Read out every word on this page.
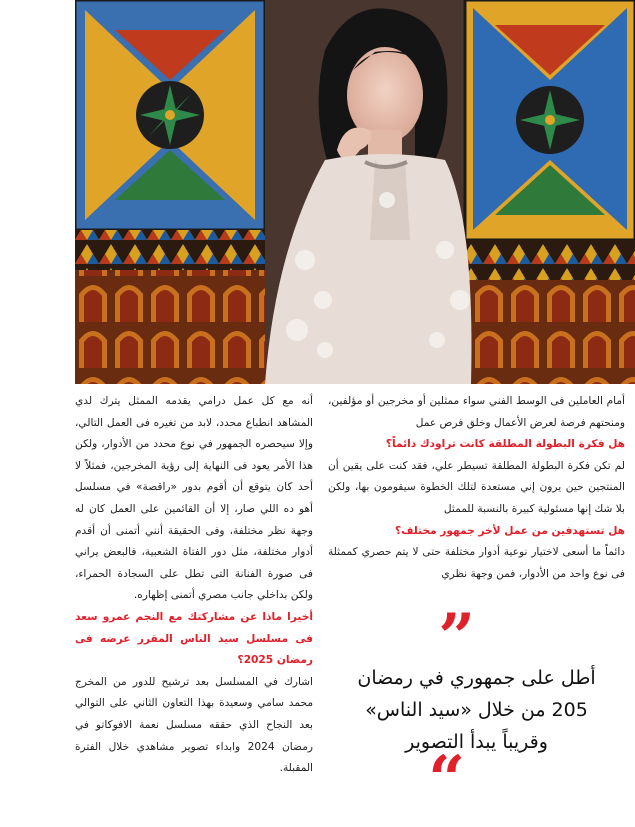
أمام العاملين فى الوسط الفني سواء ممثلين أو مخرجين أو مؤلفين، ومنحتهم فرصة لعرض الأعمال وخلق فرص عمل

هل فكرة البطولة المطلقة كانت تراودك دائماً؟

لم تكن فكرة البطولة المطلقة تسيطر علي، فقد كنت على يقين أن المنتجين حين يرون إني مستعدة لتلك الخطوة سيقومون بها، ولكن بلا شك إنها مسئولية كبيرة بالنسبة للممثل

هل تستهدفين من عمل لأخر جمهور مختلف؟

دائماً ما أسعى لاختيار نوعية أدوار مختلفة حتى لا يتم حصري كممثلة فى نوع واحد من الأدوار، فمن وجهة نظري

”

أطل على جمهوري في رمضان
205 من خلال «سيد الناس»
وقريباً يبدأ التصوير

“

أنه مع كل عمل درامي يقدمه الممثل يترك لدي المشاهد انطباع محدد، لابد من تغيره فى العمل التالي، وإلا سيحصره الجمهور في نوع محدد من الأدوار، ولكن هذا الأمر يعود فى النهاية إلى رؤية المخرجين، فمثلاً لا أحد كان يتوقع أن أقوم بدور «راقصة» في مسلسل أهو ده اللي صار، إلا أن القائمين على العمل كان له وجهة نظر مختلفة، وفى الحقيقة أنني أتمنى أن أقدم أدوار مختلفة، مثل دور الفتاة الشعبية، فالبعض يراني فى صورة الفنانة التى تطل على السجادة الحمراء، ولكن بداخلي جانب مصري أتمنى إظهاره.

أخيرا ماذا عن مشاركتك مع النجم عمرو سعد فى مسلسل سيد الناس المقرر عرضه فى رمضان 2025؟

اشارك في المسلسل بعد ترشيح للدور من المخرج محمد سامي وسعيدة بهذا التعاون الثاني على التوالي بعد النجاح الذي حققه مسلسل نعمة الافوكاتو في رمضان 2024 وابداء تصوير مشاهدي خلال الفترة المقبلة.
